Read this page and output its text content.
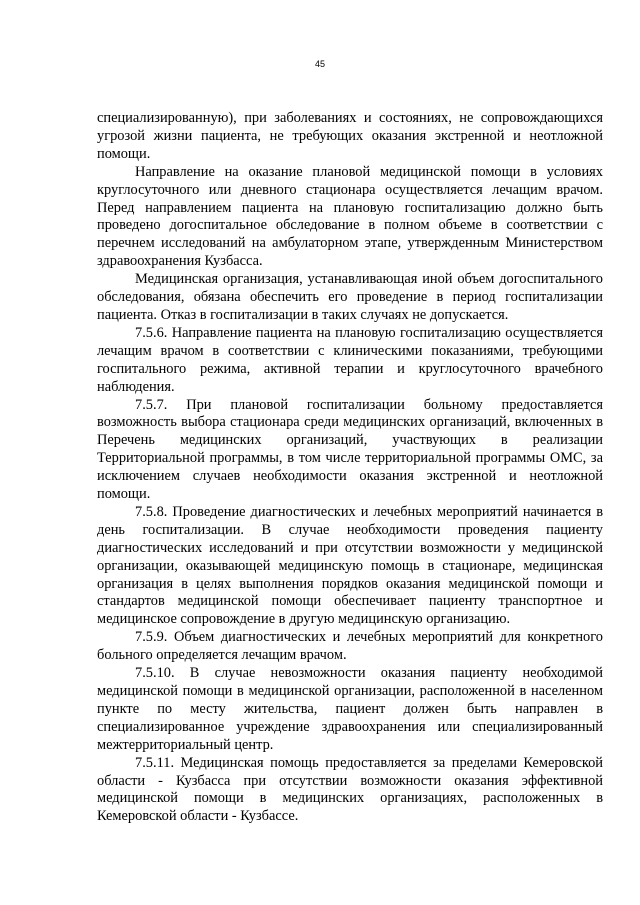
45

специализированную), при заболеваниях и состояниях, не сопровождающихся угрозой жизни пациента, не требующих оказания экстренной и неотложной помощи.

Направление на оказание плановой медицинской помощи в условиях круглосуточного или дневного стационара осуществляется лечащим врачом. Перед направлением пациента на плановую госпитализацию должно быть проведено догоспитальное обследование в полном объеме в соответствии с перечнем исследований на амбулаторном этапе, утвержденным Министерством здравоохранения Кузбасса.

Медицинская организация, устанавливающая иной объем догоспитального обследования, обязана обеспечить его проведение в период госпитализации пациента. Отказ в госпитализации в таких случаях не допускается.

7.5.6. Направление пациента на плановую госпитализацию осуществляется лечащим врачом в соответствии с клиническими показаниями, требующими госпитального режима, активной терапии и круглосуточного врачебного наблюдения.

7.5.7. При плановой госпитализации больному предоставляется возможность выбора стационара среди медицинских организаций, включенных в Перечень медицинских организаций, участвующих в реализации Территориальной программы, в том числе территориальной программы ОМС, за исключением случаев необходимости оказания экстренной и неотложной помощи.

7.5.8. Проведение диагностических и лечебных мероприятий начинается в день госпитализации. В случае необходимости проведения пациенту диагностических исследований и при отсутствии возможности у медицинской организации, оказывающей медицинскую помощь в стационаре, медицинская организация в целях выполнения порядков оказания медицинской помощи и стандартов медицинской помощи обеспечивает пациенту транспортное и медицинское сопровождение в другую медицинскую организацию.

7.5.9. Объем диагностических и лечебных мероприятий для конкретного больного определяется лечащим врачом.

7.5.10. В случае невозможности оказания пациенту необходимой медицинской помощи в медицинской организации, расположенной в населенном пункте по месту жительства, пациент должен быть направлен в специализированное учреждение здравоохранения или специализированный межтерриториальный центр.

7.5.11. Медицинская помощь предоставляется за пределами Кемеровской области - Кузбасса при отсутствии возможности оказания эффективной медицинской помощи в медицинских организациях, расположенных в Кемеровской области - Кузбассе.
